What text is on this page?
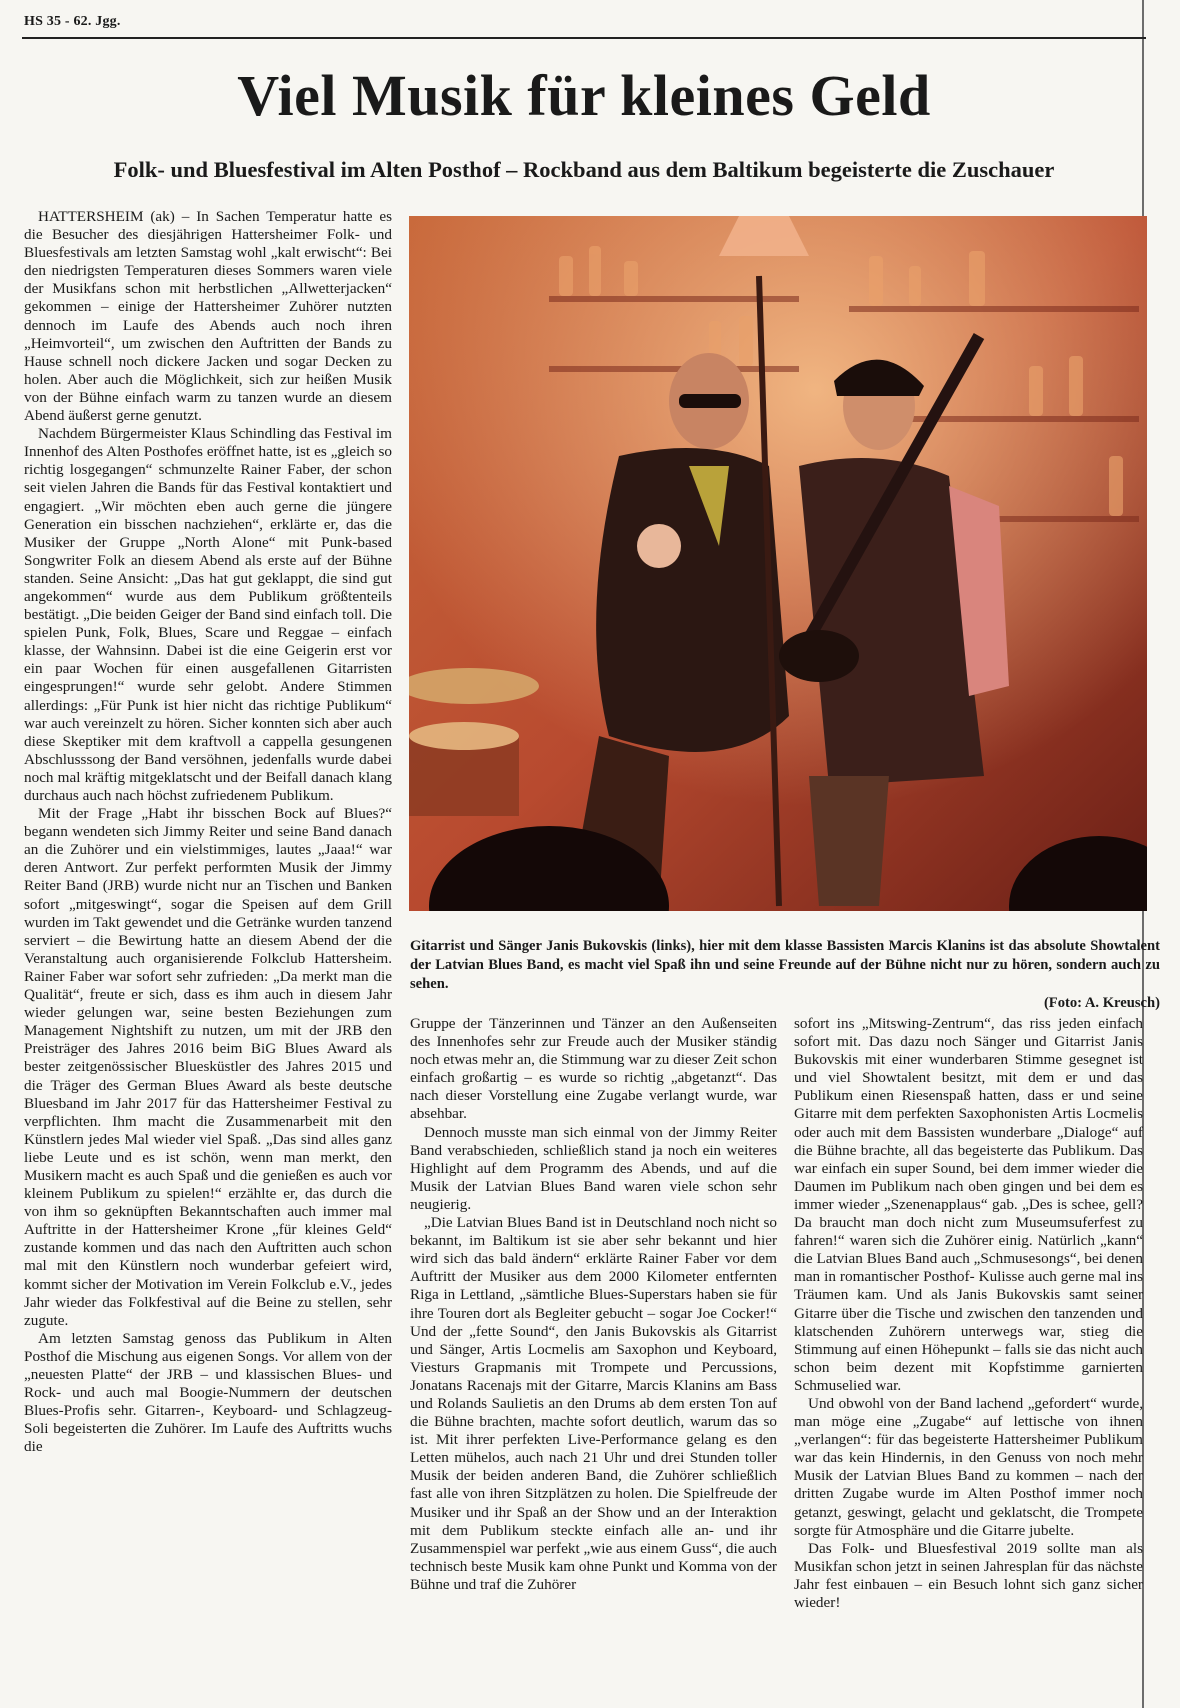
HS 35 - 62. Jgg.
Viel Musik für kleines Geld
Folk- und Bluesfestival im Alten Posthof – Rockband aus dem Baltikum begeisterte die Zuschauer

HATTERSHEIM (ak) – In Sachen Temperatur hatte es die Besucher des diesjährigen Hattersheimer Folk- und Bluesfestivals am letzten Samstag wohl „kalt erwischt“: Bei den niedrigsten Temperaturen dieses Sommers waren viele der Musikfans schon mit herbstlichen „Allwetterjacken“ gekommen – einige der Hattersheimer Zuhörer nutzten dennoch im Laufe des Abends auch noch ihren „Heimvorteil“, um zwischen den Auftritten der Bands zu Hause schnell noch dickere Jacken und sogar Decken zu holen. Aber auch die Möglichkeit, sich zur heißen Musik von der Bühne einfach warm zu tanzen wurde an diesem Abend äußerst gerne genutzt.

Nachdem Bürgermeister Klaus Schindling das Festival im Innenhof des Alten Posthofes eröffnet hatte, ist es „gleich so richtig losgegangen“ schmunzelte Rainer Faber, der schon seit vielen Jahren die Bands für das Festival kontaktiert und engagiert. „Wir möchten eben auch gerne die jüngere Generation ein bisschen nachziehen“, erklärte er, das die Musiker der Gruppe „North Alone“ mit Punk-based Songwriter Folk an diesem Abend als erste auf der Bühne standen. Seine Ansicht: „Das hat gut geklappt, die sind gut angekommen“ wurde aus dem Publikum größtenteils bestätigt. „Die beiden Geiger der Band sind einfach toll. Die spielen Punk, Folk, Blues, Scare und Reggae – einfach klasse, der Wahnsinn. Dabei ist die eine Geigerin erst vor ein paar Wochen für einen ausgefallenen Gitarristen eingesprungen!“ wurde sehr gelobt. Andere Stimmen allerdings: „Für Punk ist hier nicht das richtige Publikum“ war auch vereinzelt zu hören. Sicher konnten sich aber auch diese Skeptiker mit dem kraftvoll a cappella gesungenen Abschlusssong der Band versöhnen, jedenfalls wurde dabei noch mal kräftig mitgeklatscht und der Beifall danach klang durchaus auch nach höchst zufriedenem Publikum.

Mit der Frage „Habt ihr bisschen Bock auf Blues?“ begann wendeten sich Jimmy Reiter und seine Band danach an die Zuhörer und ein vielstimmiges, lautes „Jaaa!“ war deren Antwort. Zur perfekt performten Musik der Jimmy Reiter Band (JRB) wurde nicht nur an Tischen und Banken sofort „mitgeswingt“, sogar die Speisen auf dem Grill wurden im Takt gewendet und die Getränke wurden tanzend serviert – die Bewirtung hatte an diesem Abend der die Veranstaltung auch organisierende Folkclub Hattersheim. Rainer Faber war sofort sehr zufrieden: „Da merkt man die Qualität“, freute er sich, dass es ihm auch in diesem Jahr wieder gelungen war, seine besten Beziehungen zum Management Nightshift zu nutzen, um mit der JRB den Preisträger des Jahres 2016 beim BiG Blues Award als bester zeitgenössischer Bluesküstler des Jahres 2015 und die Träger des German Blues Award als beste deutsche Bluesband im Jahr 2017 für das Hattersheimer Festival zu verpflichten. Ihm macht die Zusammenarbeit mit den Künstlern jedes Mal wieder viel Spaß. „Das sind alles ganz liebe Leute und es ist schön, wenn man merkt, den Musikern macht es auch Spaß und die genießen es auch vor kleinem Publikum zu spielen!“ erzählte er, das durch die von ihm so geknüpften Bekanntschaften auch immer mal Auftritte in der Hattersheimer Krone „für kleines Geld“ zustande kommen und das nach den Auftritten auch schon mal mit den Künstlern noch wunderbar gefeiert wird, kommt sicher der Motivation im Verein Folkclub e.V., jedes Jahr wieder das Folkfestival auf die Beine zu stellen, sehr zugute.

Am letzten Samstag genoss das Publikum in Alten Posthof die Mischung aus eigenen Songs. Vor allem von der „neuesten Platte“ der JRB – und klassischen Blues- und Rock- und auch mal Boogie-Nummern der deutschen Blues-Profis sehr. Gitarren-, Keyboard- und Schlagzeug- Soli begeisterten die Zuhörer. Im Laufe des Auftritts wuchs die

Gitarrist und Sänger Janis Bukovskis (links), hier mit dem klasse Bassisten Marcis Klanins ist das absolute Showtalent der Latvian Blues Band, es macht viel Spaß ihn und seine Freunde auf der Bühne nicht nur zu hören, sondern auch zu sehen.
(Foto: A. Kreusch)

Gruppe der Tänzerinnen und Tänzer an den Außenseiten des Innenhofes sehr zur Freude auch der Musiker ständig noch etwas mehr an, die Stimmung war zu dieser Zeit schon einfach großartig – es wurde so richtig „abgetanzt“. Das nach dieser Vorstellung eine Zugabe verlangt wurde, war absehbar.

Dennoch musste man sich einmal von der Jimmy Reiter Band verabschieden, schließlich stand ja noch ein weiteres Highlight auf dem Programm des Abends, und auf die Musik der Latvian Blues Band waren viele schon sehr neugierig.

„Die Latvian Blues Band ist in Deutschland noch nicht so bekannt, im Baltikum ist sie aber sehr bekannt und hier wird sich das bald ändern“ erklärte Rainer Faber vor dem Auftritt der Musiker aus dem 2000 Kilometer entfernten Riga in Lettland, „sämtliche Blues-Superstars haben sie für ihre Touren dort als Begleiter gebucht – sogar Joe Cocker!“ Und der „fette Sound“, den Janis Bukovskis als Gitarrist und Sänger, Artis Locmelis am Saxophon und Keyboard, Viesturs Grapmanis mit Trompete und Percussions, Jonatans Racenajs mit der Gitarre, Marcis Klanins am Bass und Rolands Saulietis an den Drums ab dem ersten Ton auf die Bühne brachten, machte sofort deutlich, warum das so ist. Mit ihrer perfekten Live-Performance gelang es den Letten mühelos, auch nach 21 Uhr und drei Stunden toller Musik der beiden anderen Band, die Zuhörer schließlich fast alle von ihren Sitzplätzen zu holen. Die Spielfreude der Musiker und ihr Spaß an der Show und an der Interaktion mit dem Publikum steckte einfach alle an- und ihr Zusammenspiel war perfekt „wie aus einem Guss“, die auch technisch beste Musik kam ohne Punkt und Komma von der Bühne und traf die Zuhörer

sofort ins „Mitswing-Zentrum“, das riss jeden einfach sofort mit. Das dazu noch Sänger und Gitarrist Janis Bukovskis mit einer wunderbaren Stimme gesegnet ist und viel Showtalent besitzt, mit dem er und das Publikum einen Riesenspaß hatten, dass er und seine Gitarre mit dem perfekten Saxophonisten Artis Locmelis oder auch mit dem Bassisten wunderbare „Dialoge“ auf die Bühne brachte, all das begeisterte das Publikum. Das war einfach ein super Sound, bei dem immer wieder die Daumen im Publikum nach oben gingen und bei dem es immer wieder „Szenenapplaus“ gab. „Des is schee, gell? Da braucht man doch nicht zum Museumsuferfest zu fahren!“ waren sich die Zuhörer einig. Natürlich „kann“ die Latvian Blues Band auch „Schmusesongs“, bei denen man in romantischer Posthof- Kulisse auch gerne mal ins Träumen kam. Und als Janis Bukovskis samt seiner Gitarre über die Tische und zwischen den tanzenden und klatschenden Zuhörern unterwegs war, stieg die Stimmung auf einen Höhepunkt – falls sie das nicht auch schon beim dezent mit Kopfstimme garnierten Schmuselied war.

Und obwohl von der Band lachend „gefordert“ wurde, man möge eine „Zugabe“ auf lettische von ihnen „verlangen“: für das begeisterte Hattersheimer Publikum war das kein Hindernis, in den Genuss von noch mehr Musik der Latvian Blues Band zu kommen – nach der dritten Zugabe wurde im Alten Posthof immer noch getanzt, geswingt, gelacht und geklatscht, die Trompete sorgte für Atmosphäre und die Gitarre jubelte.

Das Folk- und Bluesfestival 2019 sollte man als Musikfan schon jetzt in seinen Jahresplan für das nächste Jahr fest einbauen – ein Besuch lohnt sich ganz sicher wieder!
